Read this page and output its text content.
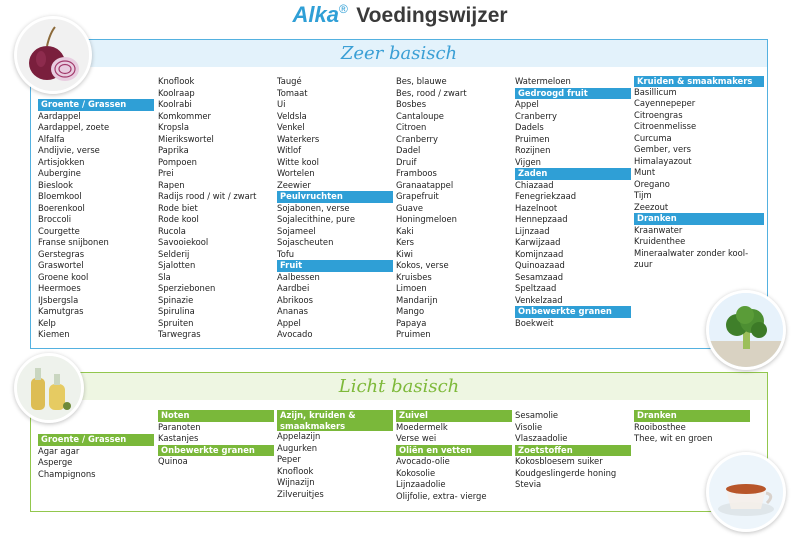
Alka® Voedingswijzer
Zeer basisch
Licht basisch
Groente / Grassen
Aardappel
Aardappel, zoete
Alfalfa
Andijvie, verse
Artisjokken
Aubergine
Bieslook
Bloemkool
Boerenkool
Broccoli
Courgette
Franse snijbonen
Gerstegras
Graswortel
Groene kool
Heermoes
IJsbergsla
Kamutgras
Kelp
Kiemen
Knoflook
Koolraap
Koolrabi
Komkommer
Kropsla
Mierikswortel
Paprika
Pompoen
Prei
Rapen
Radijs rood / wit / zwart
Rode biet
Rode kool
Rucola
Savooiekool
Selderij
Sjalotten
Sla
Sperziebonen
Spinazie
Spirulina
Spruiten
Tarwegras
Taugé
Tomaat
Ui
Veldsla
Venkel
Waterkers
Witlof
Witte kool
Wortelen
Zeewier
Peulvruchten
Sojabonen, verse
Sojalecithine, pure
Sojameel
Sojascheuten
Tofu
Fruit
Aalbessen
Aardbei
Abrikoos
Ananas
Appel
Avocado
Bes, blauwe
Bes, rood / zwart
Bosbes
Cantaloupe
Citroen
Cranberry
Dadel
Druif
Framboos
Granaatappel
Grapefruit
Guave
Honingmeloen
Kaki
Kers
Kiwi
Kokos, verse
Kruisbes
Limoen
Mandarijn
Mango
Papaya
Pruimen
Watermeloen
Gedroogd fruit
Appel
Cranberry
Dadels
Pruimen
Rozijnen
Vijgen
Zaden
Chiazaad
Fenegriekzaad
Hazelnoot
Hennepzaad
Lijnzaad
Karwijzaad
Komijnzaad
Quinoazaad
Sesamzaad
Speltzaad
Venkelzaad
Onbewerkte granen
Boekweit
Kruiden & smaakmakers
Basillicum
Cayennepeper
Citroengras
Citroenmelisse
Curcuma
Gember, vers
Himalayazout
Munt
Oregano
Tijm
Zeezout
Dranken
Kraanwater
Kruidenthee
Mineraalwater zonder kool-
zuur
Groente / Grassen
Agar agar
Asperge
Champignons
Noten
Paranoten
Kastanjes
Onbewerkte granen
Quinoa
Azijn, kruiden & smaakmakers
Appelazijn
Augurken
Peper
Knoflook
Wijnazijn
Zilveruitjes
Zuivel
Moedermelk
Verse wei
Oliën en vetten
Avocado-olie
Kokosolie
Lijnzaadolie
Olijfolie, extra- vierge
Sesamolie
Visolie
Vlaszaadolie
Zoetstoffen
Kokosbloesem suiker
Koudgeslingerde honing
Stevia
Dranken
Rooibosthee
Thee, wit en groen
